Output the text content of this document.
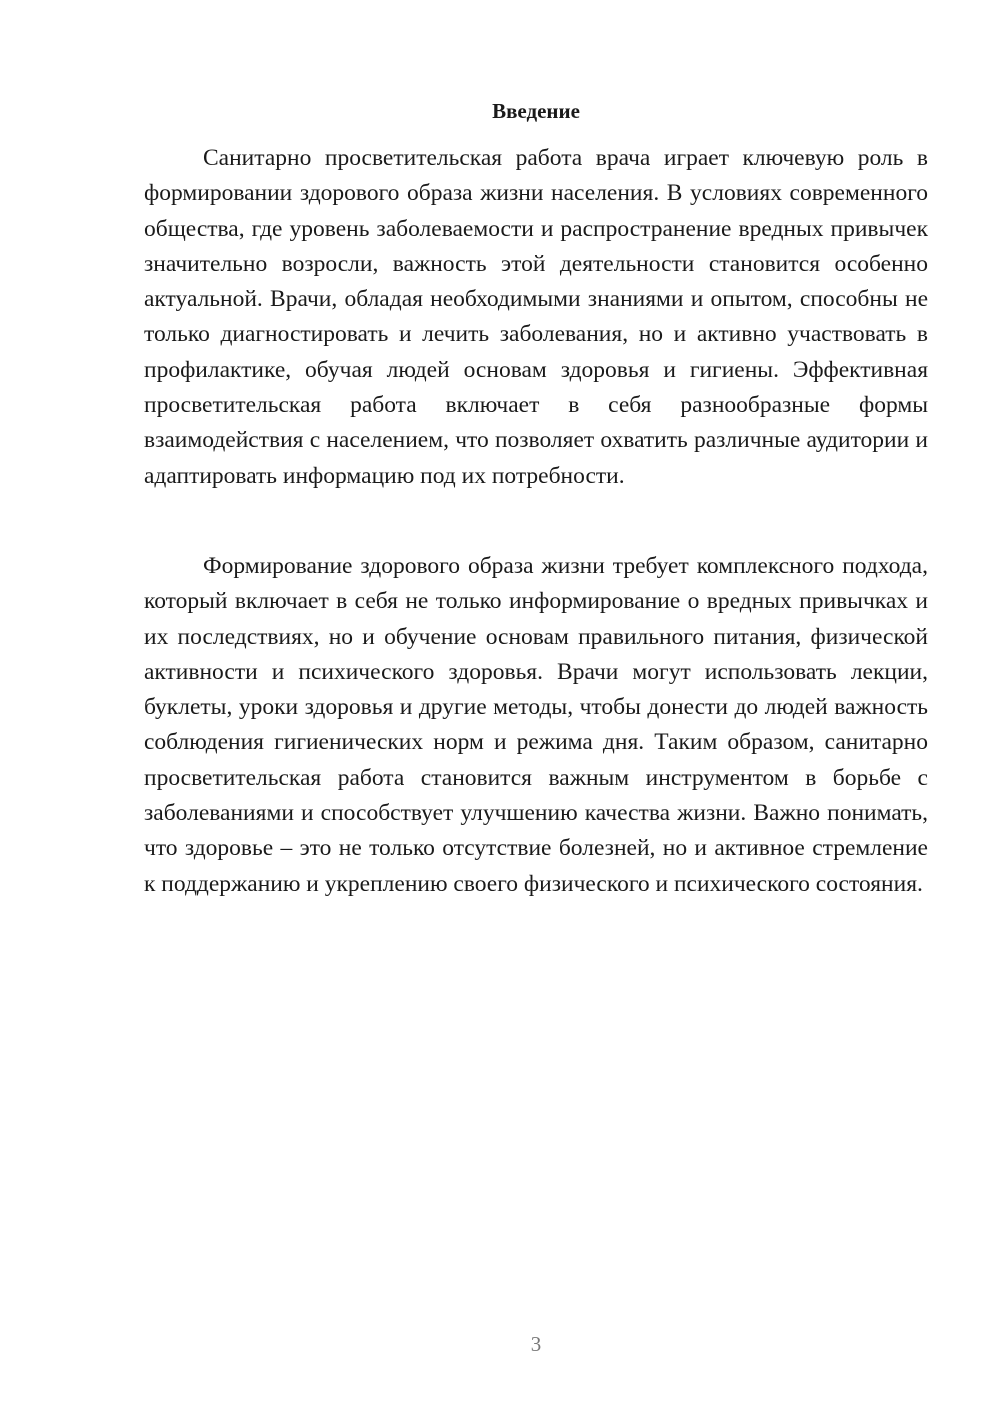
Введение

Санитарно просветительская работа врача играет ключевую роль в формировании здорового образа жизни населения. В условиях современного общества, где уровень заболеваемости и распространение вредных привычек значительно возросли, важность этой деятельности становится особенно актуальной. Врачи, обладая необходимыми знаниями и опытом, способны не только диагностировать и лечить заболевания, но и активно участвовать в профилактике, обучая людей основам здоровья и гигиены. Эффективная просветительская работа включает в себя разнообразные формы взаимодействия с населением, что позволяет охватить различные аудитории и адаптировать информацию под их потребности.

Формирование здорового образа жизни требует комплексного подхода, который включает в себя не только информирование о вредных привычках и их последствиях, но и обучение основам правильного питания, физической активности и психического здоровья. Врачи могут использовать лекции, буклеты, уроки здоровья и другие методы, чтобы донести до людей важность соблюдения гигиенических норм и режима дня. Таким образом, санитарно просветительская работа становится важным инструментом в борьбе с заболеваниями и способствует улучшению качества жизни. Важно понимать, что здоровье – это не только отсутствие болезней, но и активное стремление к поддержанию и укреплению своего физического и психического состояния.

3
